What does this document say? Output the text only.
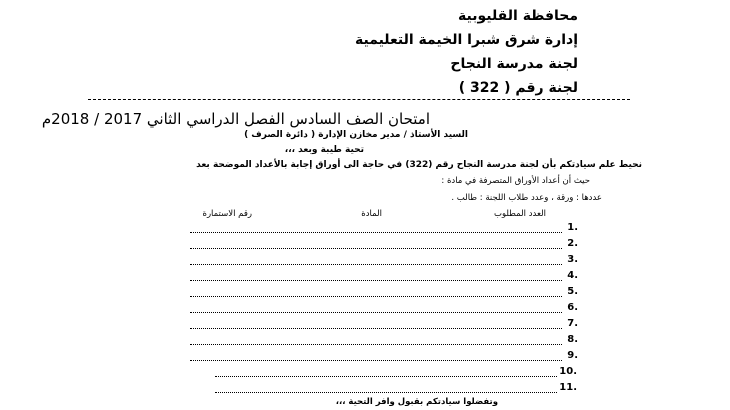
محافظة القليوبية
إدارة شرق شبرا الخيمة التعليمية
لجنة مدرسة النجاح
لجنة رقم ( 322 )
امتحان الصف السادس الفصل الدراسي الثاني 2017 / 2018م
السيد الأستاذ / مدير مخازن الإدارة ( دائرة الصرف )
تحية طيبة وبعد ،،،
نحيط علم سيادتكم بأن لجنة مدرسة النجاح رقم (322) في حاجة الى أوراق إجابة بالأعداد الموضحة بعد
حيث أن أعداد الأوراق المتصرفة في مادة :
عددها : ورقة ، وعدد طلاب اللجنة : طالب .
العدد المطلوب
المادة
رقم الاستمارة
1.
2.
3.
4.
5.
6.
7.
8.
9.
10.
11.
وتفضلوا سيادتكم بقبول وافر التحية ،،،
